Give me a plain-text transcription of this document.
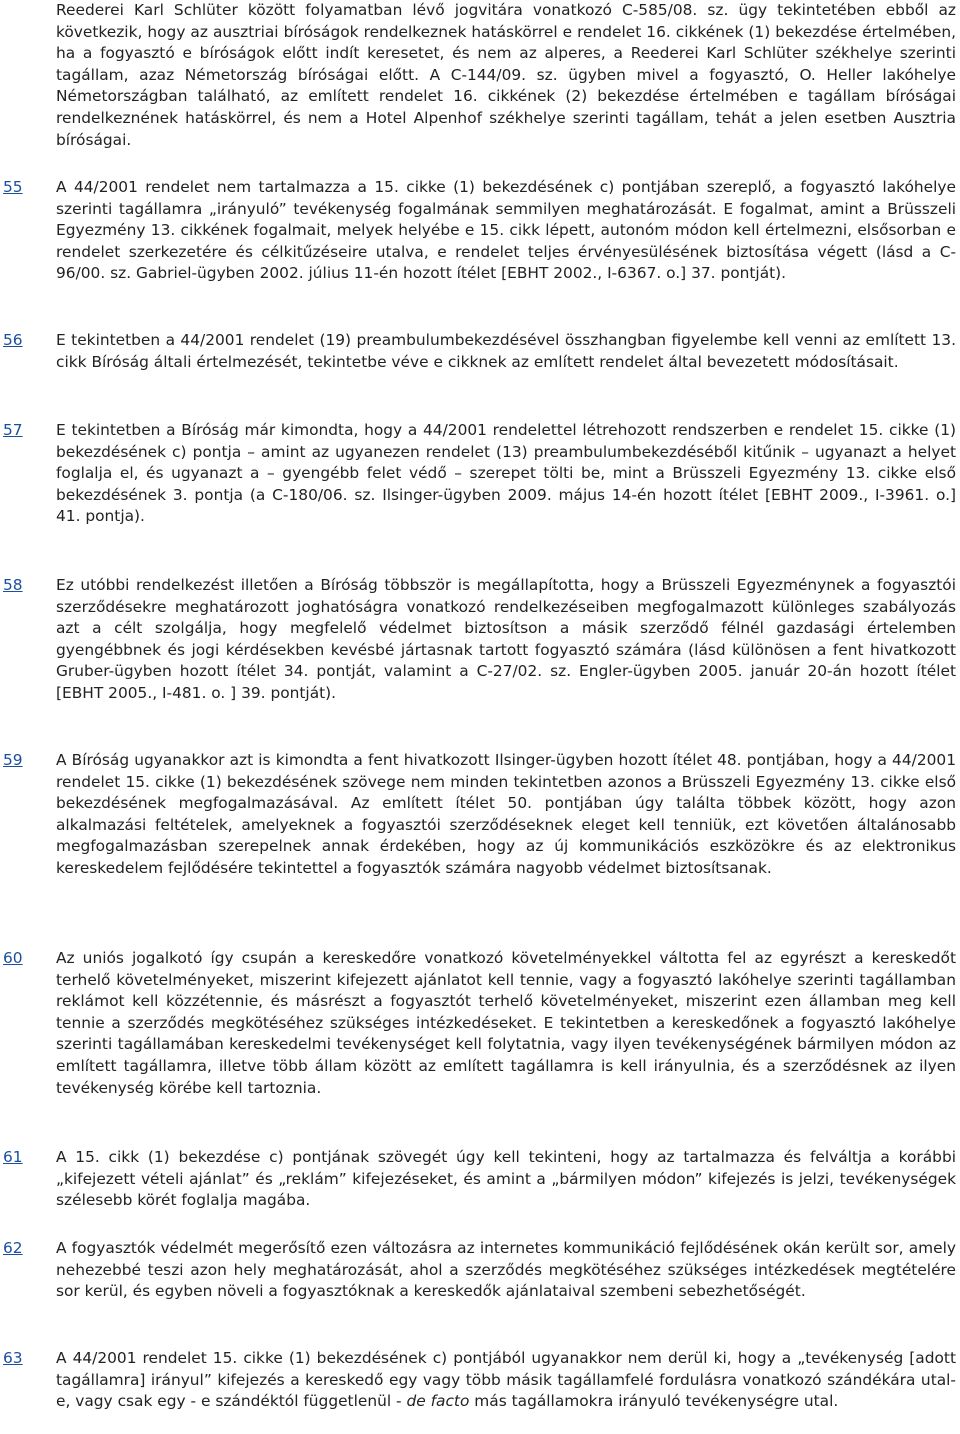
Reederei Karl Schlüter között folyamatban lévő jogvitára vonatkozó C-585/08. sz. ügy tekintetében ebből az következik, hogy az ausztriai bíróságok rendelkeznek hatáskörrel e rendelet 16. cikkének (1) bekezdése értelmében, ha a fogyasztó e bíróságok előtt indít keresetet, és nem az alperes, a Reederei Karl Schlüter székhelye szerinti tagállam, azaz Németország bíróságai előtt. A C-144/09. sz. ügyben mivel a fogyasztó, O. Heller lakóhelye Németországban található, az említett rendelet 16. cikkének (2) bekezdése értelmében e tagállam bíróságai rendelkeznének hatáskörrel, és nem a Hotel Alpenhof székhelye szerinti tagállam, tehát a jelen esetben Ausztria bíróságai.

55 A 44/2001 rendelet nem tartalmazza a 15. cikke (1) bekezdésének c) pontjában szereplő, a fogyasztó lakóhelye szerinti tagállamra „irányuló” tevékenység fogalmának semmilyen meghatározását. E fogalmat, amint a Brüsszeli Egyezmény 13. cikkének fogalmait, melyek helyébe e 15. cikk lépett, autonóm módon kell értelmezni, elsősorban e rendelet szerkezetére és célkitűzéseire utalva, e rendelet teljes érvényesülésének biztosítása végett (lásd a C-96/00. sz. Gabriel-ügyben 2002. július 11-én hozott ítélet [EBHT 2002., I-6367. o.] 37. pontját).

56 E tekintetben a 44/2001 rendelet (19) preambulumbekezdésével összhangban figyelembe kell venni az említett 13. cikk Bíróság általi értelmezését, tekintetbe véve e cikknek az említett rendelet által bevezetett módosításait.

57 E tekintetben a Bíróság már kimondta, hogy a 44/2001 rendelettel létrehozott rendszerben e rendelet 15. cikke (1) bekezdésének c) pontja – amint az ugyanezen rendelet (13) preambulumbekezdéséből kitűnik – ugyanazt a helyet foglalja el, és ugyanazt a – gyengébb felet védő – szerepet tölti be, mint a Brüsszeli Egyezmény 13. cikke első bekezdésének 3. pontja (a C-180/06. sz. Ilsinger-ügyben 2009. május 14-én hozott ítélet [EBHT 2009., I-3961. o.] 41. pontja).

58 Ez utóbbi rendelkezést illetően a Bíróság többször is megállapította, hogy a Brüsszeli Egyezménynek a fogyasztói szerződésekre meghatározott joghatóságra vonatkozó rendelkezéseiben megfogalmazott különleges szabályozás azt a célt szolgálja, hogy megfelelő védelmet biztosítson a másik szerződő félnél gazdasági értelemben gyengébbnek és jogi kérdésekben kevésbé jártasnak tartott fogyasztó számára (lásd különösen a fent hivatkozott Gruber-ügyben hozott ítélet 34. pontját, valamint a C-27/02. sz. Engler-ügyben 2005. január 20-án hozott ítélet [EBHT 2005., I-481. o. ] 39. pontját).

59 A Bíróság ugyanakkor azt is kimondta a fent hivatkozott Ilsinger-ügyben hozott ítélet 48. pontjában, hogy a 44/2001 rendelet 15. cikke (1) bekezdésének szövege nem minden tekintetben azonos a Brüsszeli Egyezmény 13. cikke első bekezdésének megfogalmazásával. Az említett ítélet 50. pontjában úgy találta többek között, hogy azon alkalmazási feltételek, amelyeknek a fogyasztói szerződéseknek eleget kell tenniük, ezt követően általánosabb megfogalmazásban szerepelnek annak érdekében, hogy az új kommunikációs eszközökre és az elektronikus kereskedelem fejlődésére tekintettel a fogyasztók számára nagyobb védelmet biztosítsanak.

60 Az uniós jogalkotó így csupán a kereskedőre vonatkozó követelményekkel váltotta fel az egyrészt a kereskedőt terhelő követelményeket, miszerint kifejezett ajánlatot kell tennie, vagy a fogyasztó lakóhelye szerinti tagállamban reklámot kell közzétennie, és másrészt a fogyasztót terhelő követelményeket, miszerint ezen államban meg kell tennie a szerződés megkötéséhez szükséges intézkedéseket. E tekintetben a kereskedőnek a fogyasztó lakóhelye szerinti tagállamában kereskedelmi tevékenységet kell folytatnia, vagy ilyen tevékenységének bármilyen módon az említett tagállamra, illetve több állam között az említett tagállamra is kell irányulnia, és a szerződésnek az ilyen tevékenység körébe kell tartoznia.

61 A 15. cikk (1) bekezdése c) pontjának szövegét úgy kell tekinteni, hogy az tartalmazza és felváltja a korábbi „kifejezett vételi ajánlat” és „reklám” kifejezéseket, és amint a „bármilyen módon” kifejezés is jelzi, tevékenységek szélesebb körét foglalja magába.

62 A fogyasztók védelmét megerősítő ezen változásra az internetes kommunikáció fejlődésének okán került sor, amely nehezebbé teszi azon hely meghatározását, ahol a szerződés megkötéséhez szükséges intézkedések megtételére sor kerül, és egyben növeli a fogyasztóknak a kereskedők ajánlataival szembeni sebezhetőségét.

63 A 44/2001 rendelet 15. cikke (1) bekezdésének c) pontjából ugyanakkor nem derül ki, hogy a „tevékenység [adott tagállamra] irányul” kifejezés a kereskedő egy vagy több másik tagállamfelé fordulásra vonatkozó szándékára utal-e, vagy csak egy - e szándéktól függetlenül - de facto más tagállamokra irányuló tevékenységre utal.
